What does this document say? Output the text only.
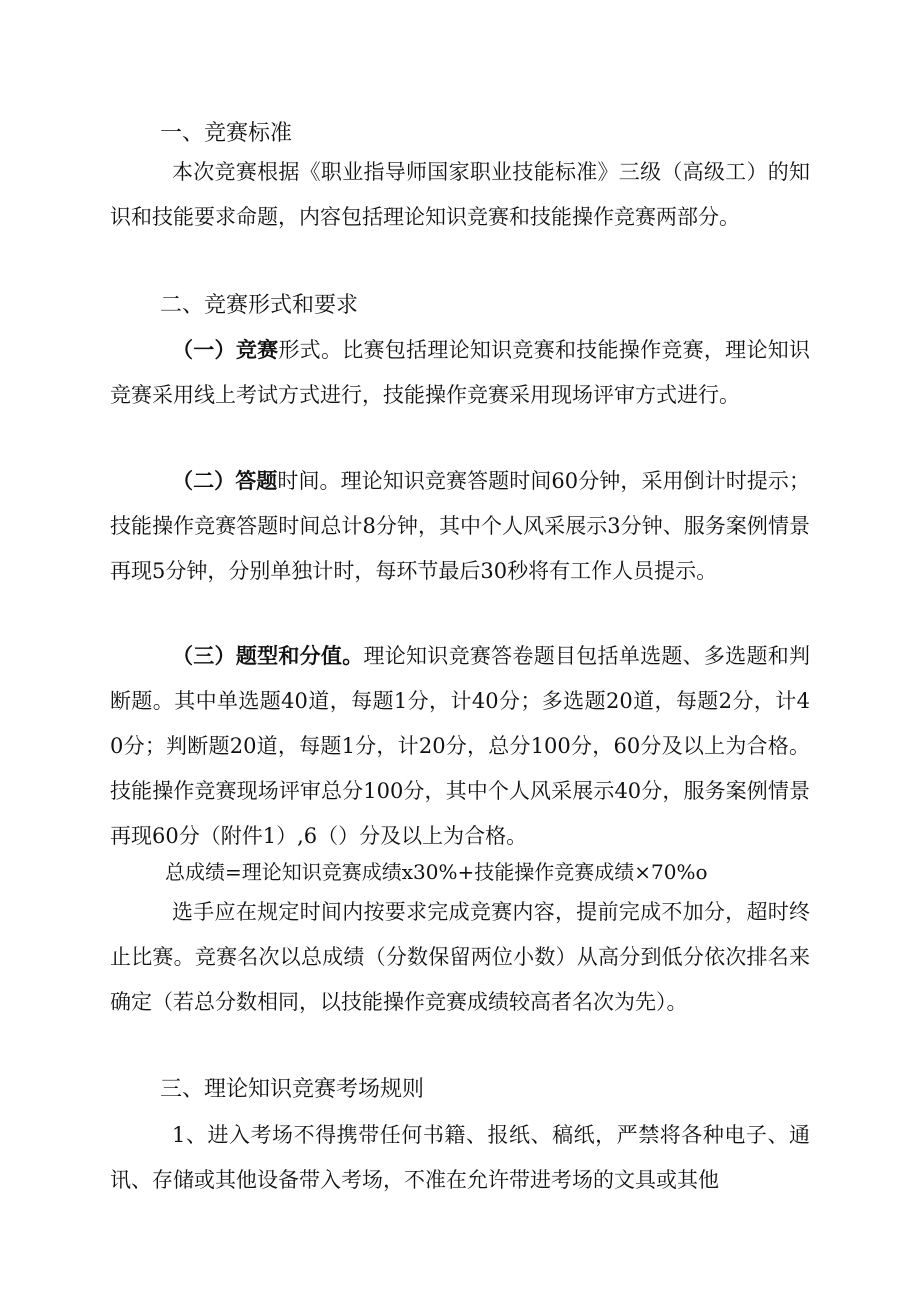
一、竞赛标准

本次竞赛根据《职业指导师国家职业技能标准》三级（高级工）的知识和技能要求命题，内容包括理论知识竞赛和技能操作竞赛两部分。

二、竞赛形式和要求

（一）竞赛形式。比赛包括理论知识竞赛和技能操作竞赛，理论知识竞赛采用线上考试方式进行，技能操作竞赛采用现场评审方式进行。

（二）答题时间。理论知识竞赛答题时间60分钟，采用倒计时提示；技能操作竞赛答题时间总计8分钟，其中个人风采展示3分钟、服务案例情景再现5分钟，分别单独计时，每环节最后30秒将有工作人员提示。

（三）题型和分值。理论知识竞赛答卷题目包括单选题、多选题和判断题。其中单选题40道，每题1分，计40分；多选题20道，每题2分，计40分；判断题20道，每题1分，计20分，总分100分，60分及以上为合格。技能操作竞赛现场评审总分100分，其中个人风采展示40分，服务案例情景再现60分（附件1）,6（）分及以上为合格。

总成绩=理论知识竞赛成绩x30%+技能操作竞赛成绩×70%o

选手应在规定时间内按要求完成竞赛内容，提前完成不加分，超时终止比赛。竞赛名次以总成绩（分数保留两位小数）从高分到低分依次排名来确定（若总分数相同，以技能操作竞赛成绩较高者名次为先）。

三、理论知识竞赛考场规则

1、进入考场不得携带任何书籍、报纸、稿纸，严禁将各种电子、通讯、存储或其他设备带入考场，不准在允许带进考场的文具或其他
